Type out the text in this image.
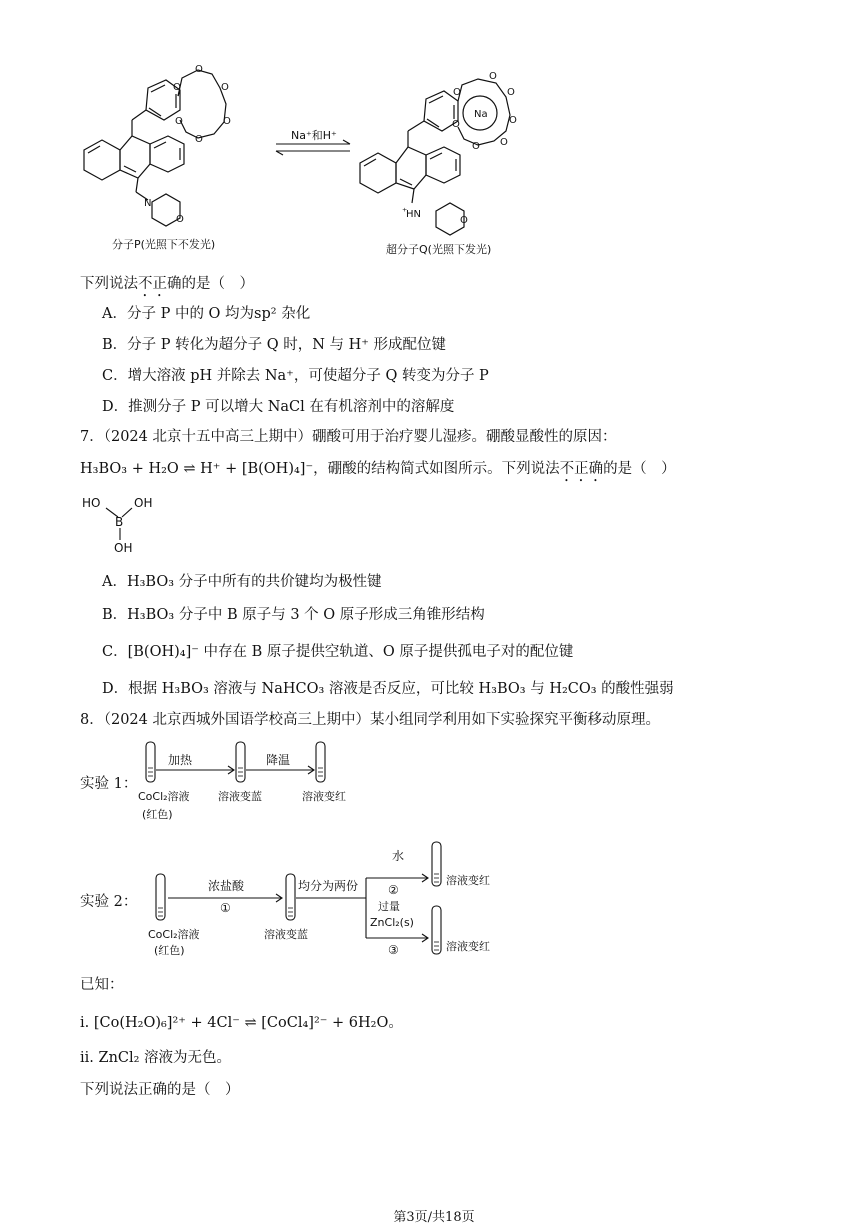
O
O
O
O
O
O
N
O
分子P(光照下不发光)
Na⁺和H⁺
Na
O
O
O
O
O
O
O
⁺
HN
O
超分子Q(光照下发光)
下列说法不正确的是（　）
A．分子 P 中的 O 均为sp² 杂化
B．分子 P 转化为超分子 Q 时，N 与 H⁺ 形成配位键
C．增大溶液 pH 并除去 Na⁺，可使超分子 Q 转变为分子 P
D．推测分子 P 可以增大 NaCl 在有机溶剂中的溶解度
7．（2024 北京十五中高三上期中）硼酸可用于治疗婴儿湿疹。硼酸显酸性的原因：
H₃BO₃ + H₂O ⇌ H⁺ + [B(OH)₄]⁻，硼酸的结构简式如图所示。下列说法不正确的是（　）
HO	OH
B
OH
A．H₃BO₃ 分子中所有的共价键均为极性键
B．H₃BO₃ 分子中 B 原子与 3 个 O 原子形成三角锥形结构
C．[B(OH)₄]⁻ 中存在 B 原子提供空轨道、O 原子提供孤电子对的配位键
D．根据 H₃BO₃ 溶液与 NaHCO₃ 溶液是否反应，可比较 H₃BO₃ 与 H₂CO₃ 的酸性强弱
8．（2024 北京西城外国语学校高三上期中）某小组同学利用如下实验探究平衡移动原理。
实验 1：
加热	降温
CoCl₂溶液
(红色)
溶液变蓝	溶液变红
实验 2：
浓盐酸
①
CoCl₂溶液
(红色)
溶液变蓝
均分为两份
水
②
溶液变红
过量
ZnCl₂(s)
③	溶液变红
已知：
i. [Co(H₂O)₆]²⁺ + 4Cl⁻ ⇌ [CoCl₄]²⁻ + 6H₂O。
ii. ZnCl₂ 溶液为无色。
下列说法正确的是（　）
第3页/共18页
